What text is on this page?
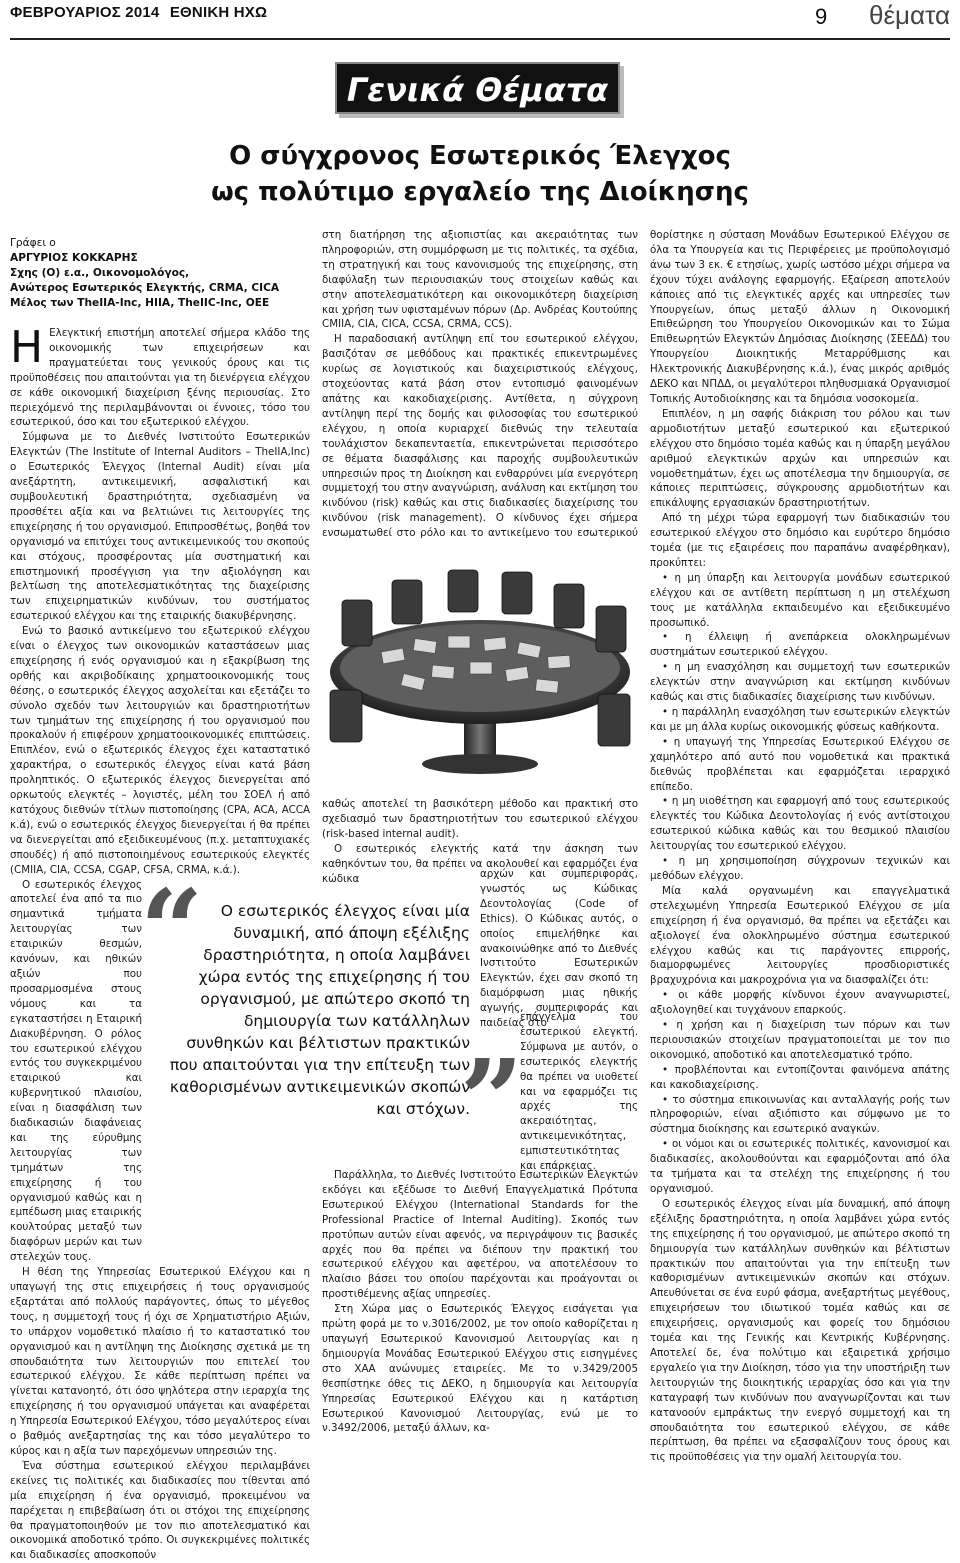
ΦΕΒΡΟΥΑΡΙΟΣ 2014 ΕΘΝΙΚΗ ΗΧΩ	9 θέματα
Γενικά Θέματα
Ο σύγχρονος Εσωτερικός Έλεγχος
ως πολύτιμο εργαλείο της Διοίκησης
Γράφει ο
ΑΡΓΥΡΙΟΣ ΚΟΚΚΑΡΗΣ
Σχης (Ο) ε.α., Οικονομολόγος,
Ανώτερος Εσωτερικός Ελεγκτής, CRMA, CICA
Μέλος των TheIIA-Inc, HIIA, TheIIC-Inc, ΟΕΕ

Η Ελεγκτική επιστήμη αποτελεί σήμερα κλάδο της οικονομικής των επιχειρήσεων και πραγματεύεται τους γενικούς όρους και τις προϋποθέσεις που απαιτούνται για τη διενέργεια ελέγχου σε κάθε οικονομική διαχείριση ξένης περιουσίας. Στο περιεχόμενό της περιλαμβάνονται οι έννοιες, τόσο του εσωτερικού, όσο και του εξωτερικού ελέγχου.

Σύμφωνα με το Διεθνές Ινστιτούτο Εσωτερικών Ελεγκτών (The Institute of Internal Auditors – TheIIA,Inc) ο Εσωτερικός Έλεγχος (Internal Audit) είναι μία ανεξάρτητη, αντικειμενική, ασφαλιστική και συμβουλευτική δραστηριότητα, σχεδιασμένη να προσθέτει αξία και να βελτιώνει τις λειτουργίες της επιχείρησης ή του οργανισμού. Επιπροσθέτως, βοηθά τον οργανισμό να επιτύχει τους αντικειμενικούς του σκοπούς και στόχους, προσφέροντας μία συστηματική και επιστημονική προσέγγιση για την αξιολόγηση και βελτίωση της αποτελεσματικότητας της διαχείρισης των επιχειρηματικών κινδύνων, του συστήματος εσωτερικού ελέγχου και της εταιρικής διακυβέρνησης.

Ενώ το βασικό αντικείμενο του εξωτερικού ελέγχου είναι ο έλεγχος των οικονομικών καταστάσεων μιας επιχείρησης ή ενός οργανισμού και η εξακρίβωση της ορθής και ακριβοδίκαιης χρηματοοικονομικής τους θέσης, ο εσωτερικός έλεγχος ασχολείται και εξετάζει το σύνολο σχεδόν των λειτουργιών και δραστηριοτήτων των τμημάτων της επιχείρησης ή του οργανισμού που προκαλούν ή επιφέρουν χρηματοοικονομικές επιπτώσεις. Επιπλέον, ενώ ο εξωτερικός έλεγχος έχει καταστατικό χαρακτήρα, ο εσωτερικός έλεγχος είναι κατά βάση προληπτικός. Ο εξωτερικός έλεγχος διενεργείται από ορκωτούς ελεγκτές – λογιστές, μέλη του ΣΟΕΛ ή από κατόχους διεθνών τίτλων πιστοποίησης (CPA, ACA, ACCA κ.ά), ενώ ο εσωτερικός έλεγχος διενεργείται ή θα πρέπει να διενεργείται από εξειδικευμένους (π.χ. μεταπτυχιακές σπουδές) ή από πιστοποιημένους εσωτερικούς ελεγκτές (CMIIA, CIA, CCSA, CGAP, CFSA, CRMA, κ.ά.).

Ο εσωτερικός έλεγχος αποτελεί ένα από τα πιο σημαντικά τμήματα λειτουργίας των εταιρικών θεσμών, κανόνων, και ηθικών αξιών που προσαρμοσμένα στους νόμους και τα εγκαταστήσει η Εταιρική Διακυβέρνηση. Ο ρόλος του εσωτερικού ελέγχου εντός του συγκεκριμένου εταιρικού και κυβερνητικού πλαισίου, είναι η διασφάλιση των διαδικασιών διαφάνειας και της εύρυθμης λειτουργίας των τμημάτων της επιχείρησης ή του οργανισμού καθώς και η εμπέδωση μιας εταιρικής κουλτούρας μεταξύ των διαφόρων μερών και των στελεχών τους.

Η θέση της Υπηρεσίας Εσωτερικού Ελέγχου και η υπαγωγή της στις επιχειρήσεις ή τους οργανισμούς εξαρτάται από πολλούς παράγοντες, όπως το μέγεθος τους, η συμμετοχή τους ή όχι σε Χρηματιστήριο Αξιών, το υπάρχον νομοθετικό πλαίσιο ή το καταστατικό του οργανισμού και η αντίληψη της Διοίκησης σχετικά με τη σπουδαιότητα των λειτουργιών που επιτελεί του εσωτερικού ελέγχου. Σε κάθε περίπτωση πρέπει να γίνεται κατανοητό, ότι όσο ψηλότερα στην ιεραρχία της επιχείρησης ή του οργανισμού υπάγεται και αναφέρεται η Υπηρεσία Εσωτερικού Ελέγχου, τόσο μεγαλύτερος είναι ο βαθμός ανεξαρτησίας της και τόσο μεγαλύτερο το κύρος και η αξία των παρεχόμενων υπηρεσιών της.

Ένα σύστημα εσωτερικού ελέγχου περιλαμβάνει εκείνες τις πολιτικές και διαδικασίες που τίθενται από μία επιχείρηση ή ένα οργανισμό, προκειμένου να παρέχεται η επιβεβαίωση ότι οι στόχοι της επιχείρησης θα πραγματοποιηθούν με τον πιο αποτελεσματικό και οικονομικά αποδοτικό τρόπο. Οι συγκεκριμένες πολιτικές και διαδικασίες αποσκοπούν

στη διατήρηση της αξιοπιστίας και ακεραιότητας των πληροφοριών, στη συμμόρφωση με τις πολιτικές, τα σχέδια, τη στρατηγική και τους κανονισμούς της επιχείρησης, στη διαφύλαξη των περιουσιακών τους στοιχείων καθώς και στην αποτελεσματικότερη και οικονομικότερη διαχείριση και χρήση των υφισταμένων πόρων (Δρ. Ανδρέας Κουτούπης CMIIA, CIA, CICA, CCSA, CRMA, CCS).

Η παραδοσιακή αντίληψη επί του εσωτερικού ελέγχου, βασιζόταν σε μεθόδους και πρακτικές επικεντρωμένες κυρίως σε λογιστικούς και διαχειριστικούς ελέγχους, στοχεύοντας κατά βάση στον εντοπισμό φαινομένων απάτης και κακοδιαχείρισης. Αντίθετα, η σύγχρονη αντίληψη περί της δομής και φιλοσοφίας του εσωτερικού ελέγχου, η οποία κυριαρχεί διεθνώς την τελευταία τουλάχιστον δεκαπενταετία, επικεντρώνεται περισσότερο σε θέματα διασφάλισης και παροχής συμβουλευτικών υπηρεσιών προς τη Διοίκηση και ενθαρρύνει μία ενεργότερη συμμετοχή του στην αναγνώριση, ανάλυση και εκτίμηση του κινδύνου (risk) καθώς και στις διαδικασίες διαχείρισης του κινδύνου (risk management). Ο κίνδυνος έχει σήμερα ενσωματωθεί στο ρόλο και το αντικείμενο του εσωτερικού

καθώς αποτελεί τη βασικότερη μέθοδο και πρακτική στο σχεδιασμό των δραστηριοτήτων του εσωτερικού ελέγχου (risk-based internal audit).

Ο εσωτερικός ελεγκτής κατά την άσκηση των καθηκόντων του, θα πρέπει να ακολουθεί και εφαρμόζει ένα κώδικα	αρχών και συμπεριφοράς, γνωστός ως Κώδικας Δεοντολογίας (Code of Ethics). Ο Κώδικας αυτός, ο οποίος επιμελήθηκε και ανακοινώθηκε από το Διεθνές Ινστιτούτο Εσωτερικών Ελεγκτών, έχει σαν σκοπό τη διαμόρφωση μιας ηθικής αγωγής, συμπεριφοράς και παιδείας στο

επάγγελμα του εσωτερικού ελεγκτή. Σύμφωνα με αυτόν, ο εσωτερικός ελεγκτής θα πρέπει να υιοθετεί και να εφαρμόζει τις αρχές της ακεραιότητας, αντικειμενικότητας, εμπιστευτικότητας και επάρκειας.

Παράλληλα, το Διεθνές Ινστιτούτο Εσωτερικών Ελεγκτών εκδόγει και εξέδωσε το Διεθνή Επαγγελματικά Πρότυπα Εσωτερικού Ελέγχου (International Standards for the Professional Practice of Internal Auditing). Σκοπός των προτύπων αυτών είναι αφενός, να περιγράψουν τις βασικές αρχές που θα πρέπει να διέπουν την πρακτική του εσωτερικού ελέγχου και αφετέρου, να αποτελέσουν το πλαίσιο βάσει του οποίου παρέχονται και προάγονται οι προστιθέμενης αξίας υπηρεσίες.

Στη Χώρα μας ο Εσωτερικός Έλεγχος εισάγεται για πρώτη φορά με το ν.3016/2002, με τον οποίο καθορίζεται η υπαγωγή Εσωτερικού Κανονισμού Λειτουργίας και η δημιουργία Μονάδας Εσωτερικού Ελέγχου στις εισηγμένες στο ΧΑΑ ανώνυμες εταιρείες. Με το ν.3429/2005 θεσπίστηκε όθες τις ΔΕΚΟ, η δημιουργία και λειτουργία Υπηρεσίας Εσωτερικού Ελέγχου και η κατάρτιση Εσωτερικού Κανονισμού Λειτουργίας, ενώ με το ν.3492/2006, μεταξύ άλλων, κα-

“	Ο εσωτερικός έλεγχος είναι μία δυναμική, από άποψη εξέλιξης δραστηριότητα, η οποία λαμβάνει χώρα εντός της επιχείρησης ή του οργανισμού, με απώτερο σκοπό τη δημιουργία των κατάλληλων συνθηκών και βέλτιστων πρακτικών που απαιτούνται για την επίτευξη των καθορισμένων αντικειμενικών σκοπών και στόχων.
”

θορίστηκε η σύσταση Μονάδων Εσωτερικού Ελέγχου σε όλα τα Υπουργεία και τις Περιφέρειες με προϋπολογισμό άνω των 3 εκ. € ετησίως, χωρίς ωστόσο μέχρι σήμερα να έχουν τύχει ανάλογης εφαρμογής. Εξαίρεση αποτελούν κάποιες από τις ελεγκτικές αρχές και υπηρεσίες των Υπουργείων, όπως μεταξύ άλλων η Οικονομική Επιθεώρηση του Υπουργείου Οικονομικών και το Σώμα Επιθεωρητών Ελεγκτών Δημόσιας Διοίκησης (ΣΕΕΔΔ) του Υπουργείου Διοικητικής Μεταρρύθμισης και Ηλεκτρονικής Διακυβέρνησης κ.ά.), ένας μικρός αριθμός ΔΕΚΟ και ΝΠΔΔ, οι μεγαλύτεροι πληθυσμιακά Οργανισμοί Τοπικής Αυτοδιοίκησης και τα δημόσια νοσοκομεία.

Επιπλέον, η μη σαφής διάκριση του ρόλου και των αρμοδιοτήτων μεταξύ εσωτερικού και εξωτερικού ελέγχου στο δημόσιο τομέα καθώς και η ύπαρξη μεγάλου αριθμού ελεγκτικών αρχών και υπηρεσιών και νομοθετημάτων, έχει ως αποτέλεσμα την δημιουργία, σε κάποιες περιπτώσεις, σύγκρουσης αρμοδιοτήτων και επικάλυψης εργασιακών δραστηριοτήτων.

Από τη μέχρι τώρα εφαρμογή των διαδικασιών του εσωτερικού ελέγχου στο δημόσιο και ευρύτερο δημόσιο τομέα (με τις εξαιρέσεις που παραπάνω αναφέρθηκαν), προκύπτει:

• η μη ύπαρξη και λειτουργία μονάδων εσωτερικού ελέγχου και σε αντίθετη περίπτωση η μη στελέχωση τους με κατάλληλα εκπαιδευμένο και εξειδικευμένο προσωπικό.

• η έλλειψη ή ανεπάρκεια ολοκληρωμένων συστημάτων εσωτερικού ελέγχου.

• η μη ενασχόληση και συμμετοχή των εσωτερικών ελεγκτών στην αναγνώριση και εκτίμηση κινδύνων καθώς και στις διαδικασίες διαχείρισης των κινδύνων.

• η παράλληλη ενασχόληση των εσωτερικών ελεγκτών και με μη άλλα κυρίως οικονομικής φύσεως καθήκοντα.

• η υπαγωγή της Υπηρεσίας Εσωτερικού Ελέγχου σε χαμηλότερο από αυτό που νομοθετικά και πρακτικά διεθνώς προβλέπεται και εφαρμόζεται ιεραρχικό επίπεδο.

• η μη υιοθέτηση και εφαρμογή από τους εσωτερικούς ελεγκτές του Κώδικα Δεοντολογίας ή ενός αντίστοιχου εσωτερικού κώδικα καθώς και του θεσμικού πλαισίου λειτουργίας του εσωτερικού ελέγχου.

• η μη χρησιμοποίηση σύγχρονων τεχνικών και μεθόδων ελέγχου.

Μία καλά οργανωμένη και επαγγελματικά στελεχωμένη Υπηρεσία Εσωτερικού Ελέγχου σε μία επιχείρηση ή ένα οργανισμό, θα πρέπει να εξετάζει και αξιολογεί ένα ολοκληρωμένο σύστημα εσωτερικού ελέγχου καθώς και τις παράγοντες επιρροής, διαμορφωμένες λειτουργίες προσδιοριστικές βραχυχρόνια και μακροχρόνια για να διασφαλίζει ότι:

• οι κάθε μορφής κίνδυνοι έχουν αναγνωριστεί, αξιολογηθεί και τυγχάνουν επαρκούς.

• η χρήση και η διαχείριση των πόρων και των περιουσιακών στοιχείων πραγματοποιείται με τον πιο οικονομικό, αποδοτικό και αποτελεσματικό τρόπο.

• προβλέπονται και εντοπίζονται φαινόμενα απάτης και κακοδιαχείρισης.

• το σύστημα επικοινωνίας και ανταλλαγής ροής των πληροφοριών, είναι αξιόπιστο και σύμφωνο με το σύστημα διοίκησης και εσωτερικό αναγκών.

• οι νόμοι και οι εσωτερικές πολιτικές, κανονισμοί και διαδικασίες, ακολουθούνται και εφαρμόζονται από όλα τα τμήματα και τα στελέχη της επιχείρησης ή του οργανισμού.

Ο εσωτερικός έλεγχος είναι μία δυναμική, από άποψη εξέλιξης δραστηριότητα, η οποία λαμβάνει χώρα εντός της επιχείρησης ή του οργανισμού, με απώτερο σκοπό τη δημιουργία των κατάλληλων συνθηκών και βέλτιστων πρακτικών που απαιτούνται για την επίτευξη των καθορισμένων αντικειμενικών σκοπών και στόχων. Απευθύνεται σε ένα ευρύ φάσμα, ανεξαρτήτως μεγέθους, επιχειρήσεων του ιδιωτικού τομέα καθώς και σε επιχειρήσεις, οργανισμούς και φορείς του δημόσιου τομέα και της Γενικής και Κεντρικής Κυβέρνησης. Αποτελεί δε, ένα πολύτιμο και εξαιρετικά χρήσιμο εργαλείο για την Διοίκηση, τόσο για την υποστήριξη των λειτουργιών της διοικητικής ιεραρχίας όσο και για την καταγραφή των κινδύνων που αναγνωρίζονται και των κατανοούν εμπράκτως την ενεργό συμμετοχή και τη σπουδαιότητα του εσωτερικού ελέγχου, σε κάθε περίπτωση, θα πρέπει να εξασφαλίζουν τους όρους και τις προϋποθέσεις για την ομαλή λειτουργία του.
